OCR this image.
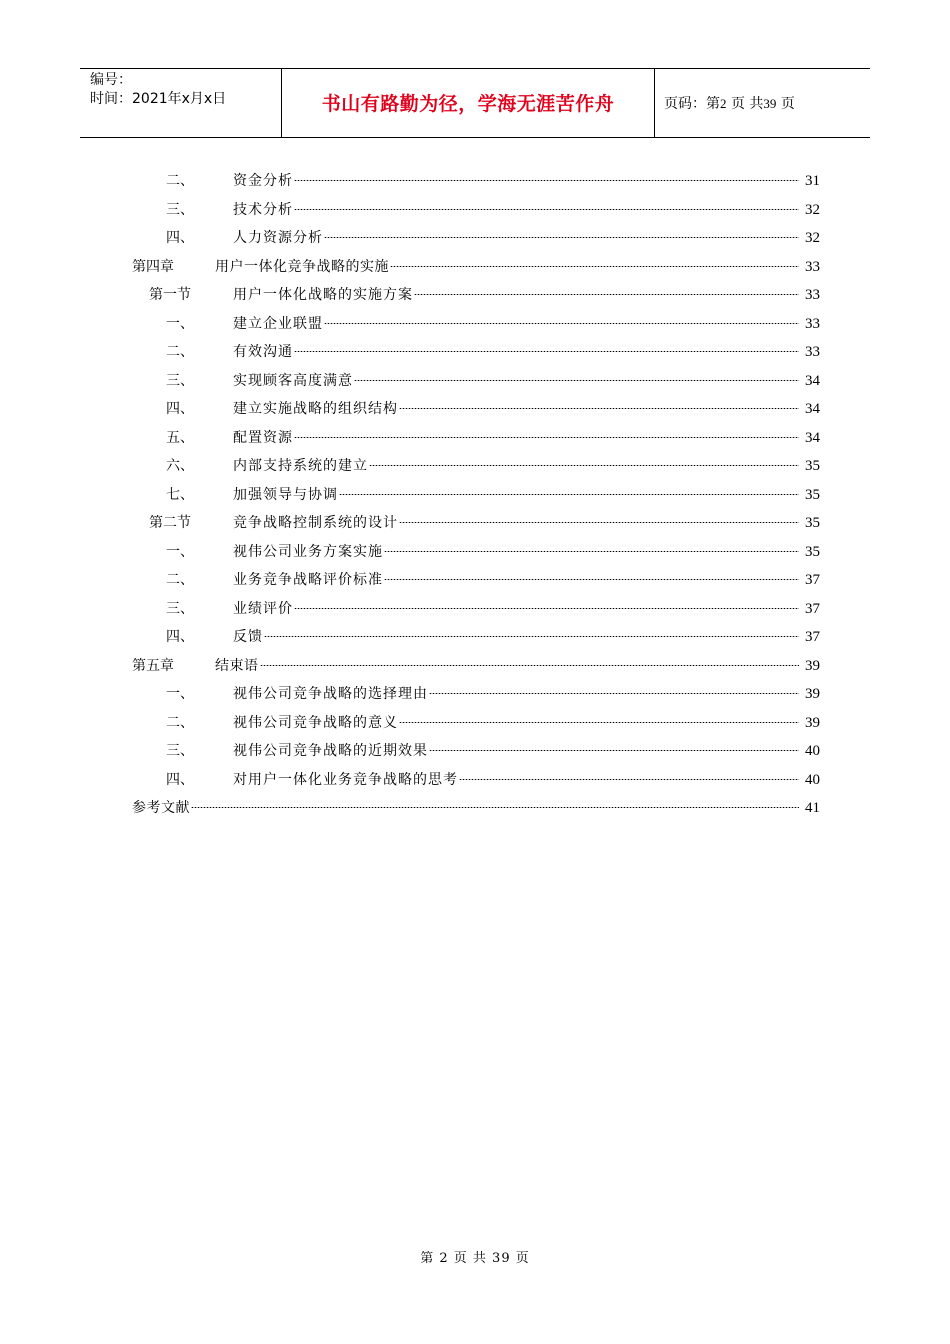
编号：
时间：2021年x月x日	书山有路勤为径，学海无涯苦作舟	页码：第2 页 共39 页
二、	资金分析	31
三、	技术分析	32
四、	人力资源分析	32
第四章	用户一体化竞争战略的实施	33
第一节	用户一体化战略的实施方案	33
一、	建立企业联盟	33
二、	有效沟通	33
三、	实现顾客高度满意	34
四、	建立实施战略的组织结构	34
五、	配置资源	34
六、	内部支持系统的建立	35
七、	加强领导与协调	35
第二节	竞争战略控制系统的设计	35
一、	视伟公司业务方案实施	35
二、	业务竞争战略评价标准	37
三、	业绩评价	37
四、	反馈	37
第五章	结束语	39
一、	视伟公司竞争战略的选择理由	39
二、	视伟公司竞争战略的意义	39
三、	视伟公司竞争战略的近期效果	40
四、	对用户一体化业务竞争战略的思考	40
参考文献	41
第 2 页 共 39 页
